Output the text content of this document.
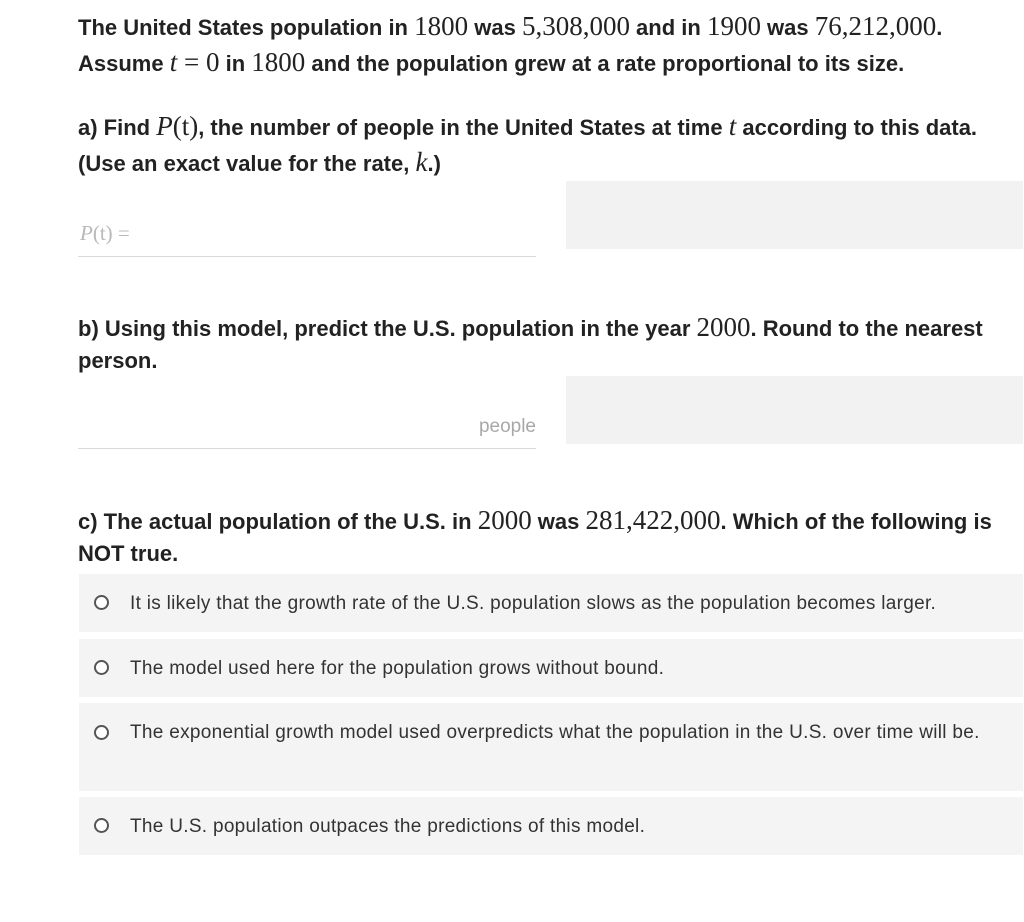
The United States population in 1800 was 5,308,000 and in 1900 was 76,212,000.
Assume t = 0 in 1800 and the population grew at a rate proportional to its size.
a) Find P(t), the number of people in the United States at time t according to this data. (Use an exact value for the rate, k.)
P(t) =
b) Using this model, predict the U.S. population in the year 2000. Round to the nearest person.
people
c) The actual population of the U.S. in 2000 was 281,422,000. Which of the following is NOT true.
It is likely that the growth rate of the U.S. population slows as the population becomes larger.
The model used here for the population grows without bound.
The exponential growth model used overpredicts what the population in the U.S. over time will be.
The U.S. population outpaces the predictions of this model.
